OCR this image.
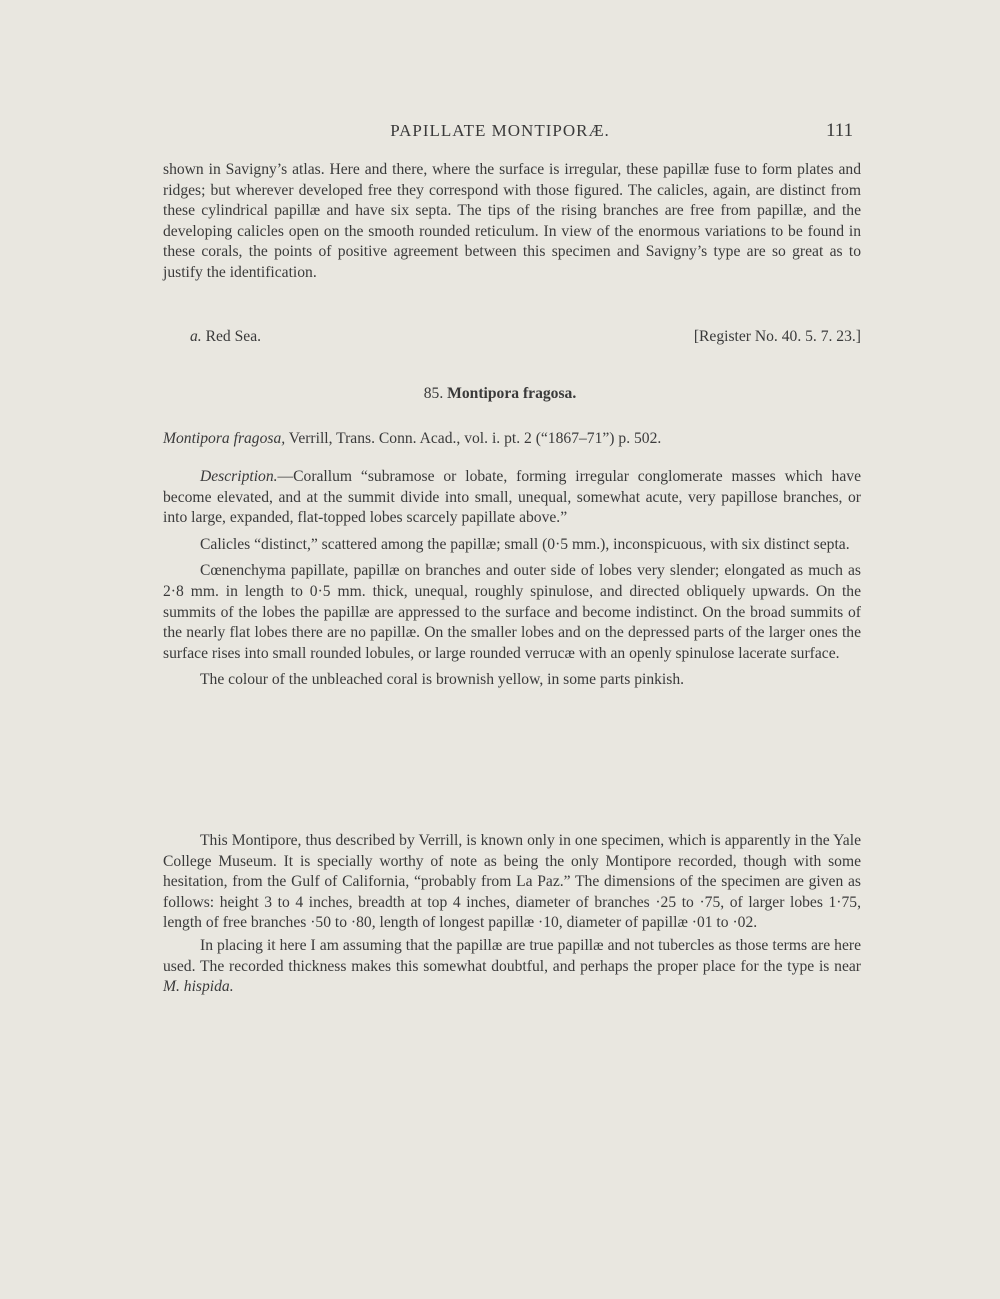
PAPILLATE MONTIPORÆ.	111

shown in Savigny’s atlas. Here and there, where the surface is irregular, these papillæ fuse to form plates and ridges; but wherever developed free they correspond with those figured. The calicles, again, are distinct from these cylindrical papillæ and have six septa. The tips of the rising branches are free from papillæ, and the developing calicles open on the smooth rounded reticulum. In view of the enormous variations to be found in these corals, the points of positive agreement between this specimen and Savigny’s type are so great as to justify the identification.

a. Red Sea.	[Register No. 40. 5. 7. 23.]
85. Montipora fragosa.

Montipora fragosa, Verrill, Trans. Conn. Acad., vol. i. pt. 2 (“1867–71”) p. 502.

Description.—Corallum “subramose or lobate, forming irregular conglomerate masses which have become elevated, and at the summit divide into small, unequal, somewhat acute, very papillose branches, or into large, expanded, flat-topped lobes scarcely papillate above.”

Calicles “distinct,” scattered among the papillæ; small (0·5 mm.), inconspicuous, with six distinct septa.

Cœnenchyma papillate, papillæ on branches and outer side of lobes very slender; elongated as much as 2·8 mm. in length to 0·5 mm. thick, unequal, roughly spinulose, and directed obliquely upwards. On the summits of the lobes the papillæ are appressed to the surface and become indistinct. On the broad summits of the nearly flat lobes there are no papillæ. On the smaller lobes and on the depressed parts of the larger ones the surface rises into small rounded lobules, or large rounded verrucæ with an openly spinulose lacerate surface.

The colour of the unbleached coral is brownish yellow, in some parts pinkish.

This Montipore, thus described by Verrill, is known only in one specimen, which is apparently in the Yale College Museum. It is specially worthy of note as being the only Montipore recorded, though with some hesitation, from the Gulf of California, “probably from La Paz.” The dimensions of the specimen are given as follows: height 3 to 4 inches, breadth at top 4 inches, diameter of branches ·25 to ·75, of larger lobes 1·75, length of free branches ·50 to ·80, length of longest papillæ ·10, diameter of papillæ ·01 to ·02.

In placing it here I am assuming that the papillæ are true papillæ and not tubercles as those terms are here used. The recorded thickness makes this somewhat doubtful, and perhaps the proper place for the type is near M. hispida.
